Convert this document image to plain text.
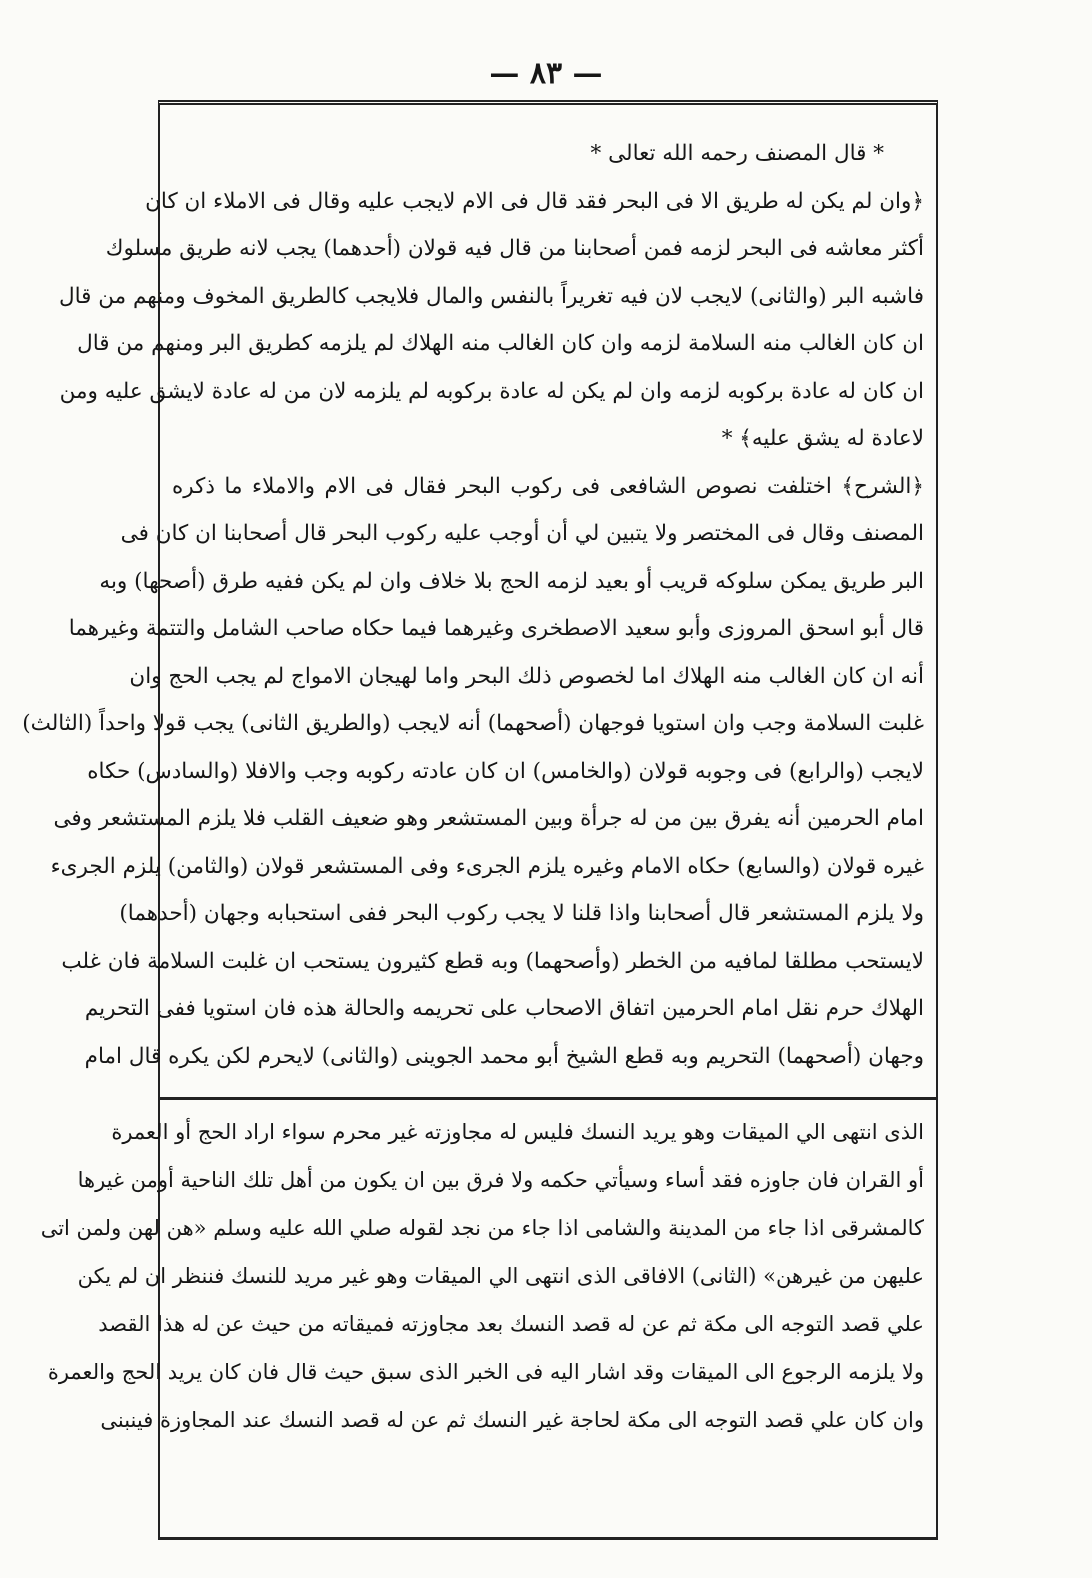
— ٨٣ —
* قال المصنف رحمه الله تعالى *
﴿وان لم يكن له طريق الا فى البحر فقد قال فى الام لايجب عليه وقال فى الاملاء ان كان
أكثر معاشه فى البحر لزمه فمن أصحابنا من قال فيه قولان (أحدهما) يجب لانه طريق مسلوك
فاشبه البر (والثانى) لايجب لان فيه تغريراً بالنفس والمال فلايجب كالطريق المخوف ومنهم من قال
ان كان الغالب منه السلامة لزمه وان كان الغالب منه الهلاك لم يلزمه كطريق البر ومنهم من قال
ان كان له عادة بركوبه لزمه وان لم يكن له عادة بركوبه لم يلزمه لان من له عادة لايشق عليه ومن
لاعادة له يشق عليه﴾ *
﴿الشرح﴾ اختلفت نصوص الشافعى فى ركوب البحر فقال فى الام والاملاء ما ذكره
المصنف وقال فى المختصر ولا يتبين لي أن أوجب عليه ركوب البحر قال أصحابنا ان كان فى
البر طريق يمكن سلوكه قريب أو بعيد لزمه الحج بلا خلاف وان لم يكن ففيه طرق (أصحها) وبه
قال أبو اسحق المروزى وأبو سعيد الاصطخرى وغيرهما فيما حكاه صاحب الشامل والتتمة وغيرهما
أنه ان كان الغالب منه الهلاك اما لخصوص ذلك البحر واما لهيجان الامواج لم يجب الحج وان
غلبت السلامة وجب وان استويا فوجهان (أصحهما) أنه لايجب (والطريق الثانى) يجب قولا واحداً (الثالث)
لايجب (والرابع) فى وجوبه قولان (والخامس) ان كان عادته ركوبه وجب والافلا (والسادس) حكاه
امام الحرمين أنه يفرق بين من له جرأة وبين المستشعر وهو ضعيف القلب فلا يلزم المستشعر وفى
غيره قولان (والسابع) حكاه الامام وغيره يلزم الجرىء وفى المستشعر قولان (والثامن) يلزم الجرىء
ولا يلزم المستشعر قال أصحابنا واذا قلنا لا يجب ركوب البحر ففى استحبابه وجهان (أحدهما)
لايستحب مطلقا لمافيه من الخطر (وأصحهما) وبه قطع كثيرون يستحب ان غلبت السلامة فان غلب
الهلاك حرم نقل امام الحرمين اتفاق الاصحاب على تحريمه والحالة هذه فان استويا ففى التحريم
وجهان (أصحهما) التحريم وبه قطع الشيخ أبو محمد الجوينى (والثانى) لايحرم لكن يكره قال امام
الذى انتهى الي الميقات وهو يريد النسك فليس له مجاوزته غير محرم سواء اراد الحج أو العمرة
أو القران فان جاوزه فقد أساء وسيأتي حكمه ولا فرق بين ان يكون من أهل تلك الناحية أومن غيرها
كالمشرقى اذا جاء من المدينة والشامى اذا جاء من نجد لقوله صلي الله عليه وسلم «هن لهن ولمن اتى
عليهن من غيرهن» (الثانى) الافاقى الذى انتهى الي الميقات وهو غير مريد للنسك فننظر ان لم يكن
علي قصد التوجه الى مكة ثم عن له قصد النسك بعد مجاوزته فميقاته من حيث عن له هذا القصد
ولا يلزمه الرجوع الى الميقات وقد اشار اليه فى الخبر الذى سبق حيث قال فان كان يريد الحج والعمرة
وان كان علي قصد التوجه الى مكة لحاجة غير النسك ثم عن له قصد النسك عند المجاوزة فينبنى
